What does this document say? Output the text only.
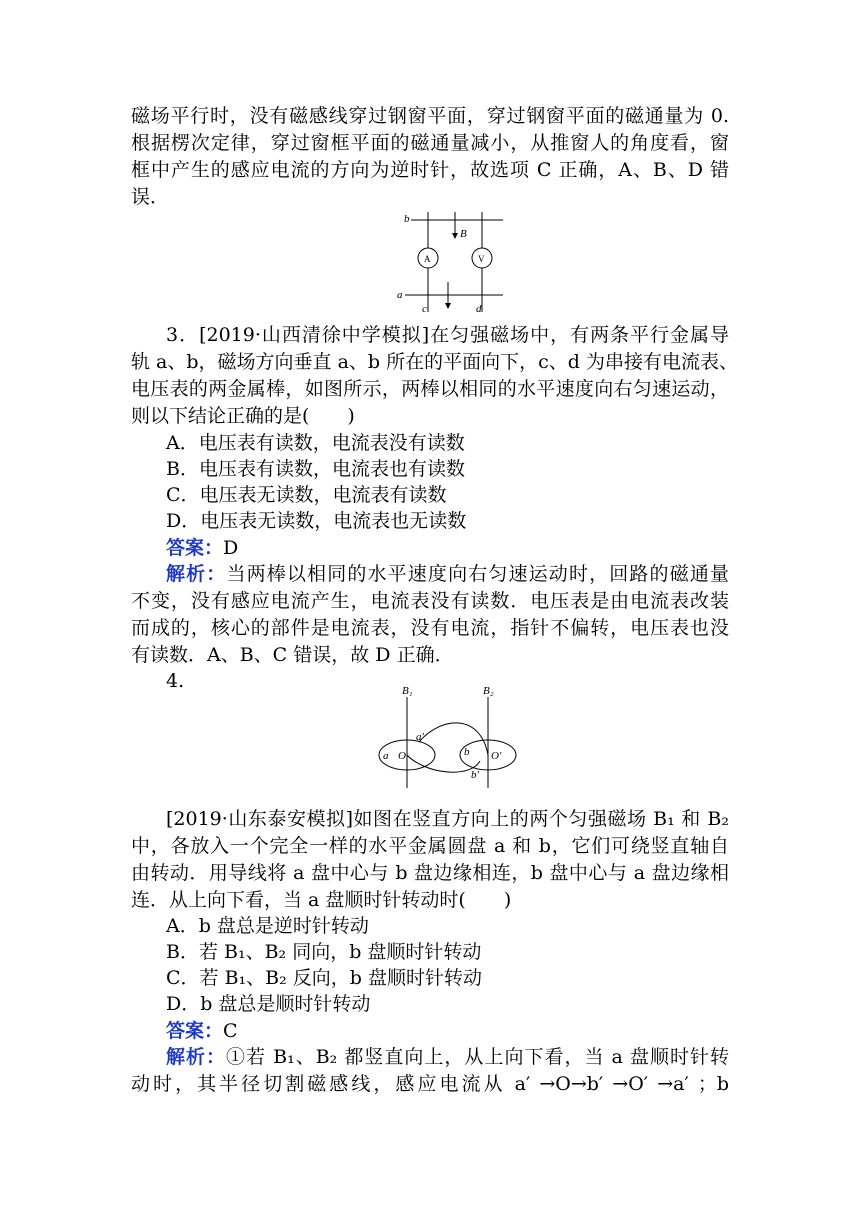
磁场平行时，没有磁感线穿过钢窗平面，穿过钢窗平面的磁通量为 0.
根据楞次定律，穿过窗框平面的磁通量减小，从推窗人的角度看，窗
框中产生的感应电流的方向为逆时针，故选项 C 正确，A、B、D 错
误．
b
a
B
A	V
c	d
3．[2019·山西清徐中学模拟]在匀强磁场中，有两条平行金属导
轨 a、b，磁场方向垂直 a、b 所在的平面向下，c、d 为串接有电流表、
电压表的两金属棒，如图所示，两棒以相同的水平速度向右匀速运动，
则以下结论正确的是(　　)
A．电压表有读数，电流表没有读数
B．电压表有读数，电流表也有读数
C．电压表无读数，电流表有读数
D．电压表无读数，电流表也无读数
答案：D
解析：当两棒以相同的水平速度向右匀速运动时，回路的磁通量
不变，没有感应电流产生，电流表没有读数．电压表是由电流表改装
而成的，核心的部件是电流表，没有电流，指针不偏转，电压表也没
有读数．A、B、C 错误，故 D 正确．
4.	B₁	B₂
a O
a′
b O′
b′
[2019·山东泰安模拟]如图在竖直方向上的两个匀强磁场 B₁ 和 B₂
中，各放入一个完全一样的水平金属圆盘 a 和 b，它们可绕竖直轴自
由转动．用导线将 a 盘中心与 b 盘边缘相连，b 盘中心与 a 盘边缘相
连．从上向下看，当 a 盘顺时针转动时(　　)
A．b 盘总是逆时针转动
B．若 B₁、B₂ 同向，b 盘顺时针转动
C．若 B₁、B₂ 反向，b 盘顺时针转动
D．b 盘总是顺时针转动
答案：C
解析：①若 B₁、B₂ 都竖直向上，从上向下看，当 a 盘顺时针转
动时，其半径切割磁感线，感应电流从 a′ →O→b′ →O′ →a′ ；b
